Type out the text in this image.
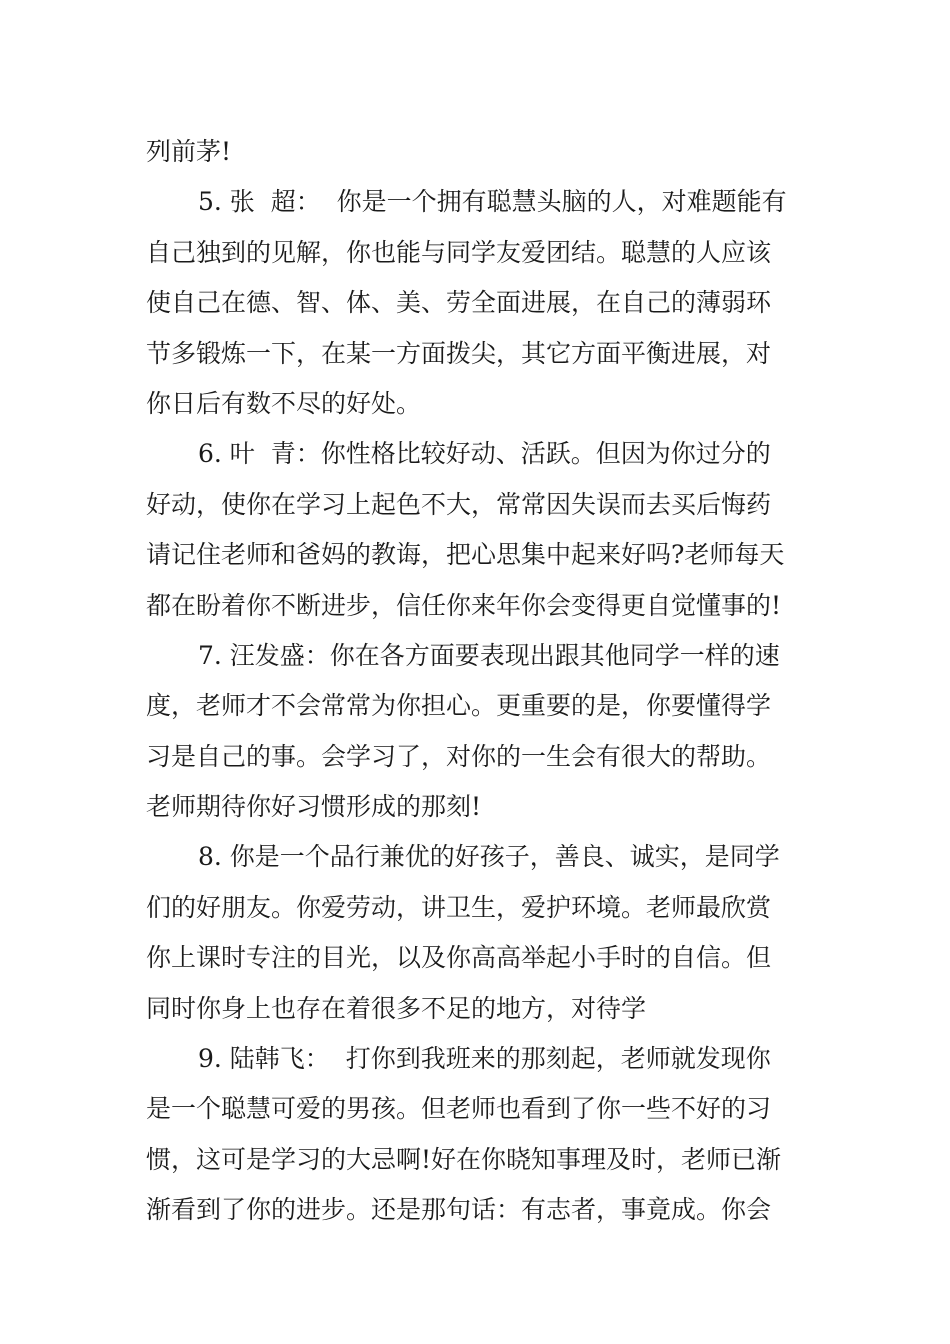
列前茅!
5. 张  超：  你是一个拥有聪慧头脑的人，对难题能有
自己独到的见解，你也能与同学友爱团结。聪慧的人应该
使自己在德、智、体、美、劳全面进展，在自己的薄弱环
节多锻炼一下，在某一方面拨尖，其它方面平衡进展，对
你日后有数不尽的好处。
6. 叶  青：你性格比较好动、活跃。但因为你过分的
好动，使你在学习上起色不大，常常因失误而去买后悔药
请记住老师和爸妈的教诲，把心思集中起来好吗?老师每天
都在盼着你不断进步，信任你来年你会变得更自觉懂事的!
7. 汪发盛：你在各方面要表现出跟其他同学一样的速
度，老师才不会常常为你担心。更重要的是，你要懂得学
习是自己的事。会学习了，对你的一生会有很大的帮助。
老师期待你好习惯形成的那刻!
8. 你是一个品行兼优的好孩子，善良、诚实，是同学
们的好朋友。你爱劳动，讲卫生，爱护环境。老师最欣赏
你上课时专注的目光，以及你高高举起小手时的自信。但
同时你身上也存在着很多不足的地方，对待学
9. 陆韩飞：  打你到我班来的那刻起，老师就发现你
是一个聪慧可爱的男孩。但老师也看到了你一些不好的习
惯，这可是学习的大忌啊!好在你晓知事理及时，老师已渐
渐看到了你的进步。还是那句话：有志者，事竟成。你会
